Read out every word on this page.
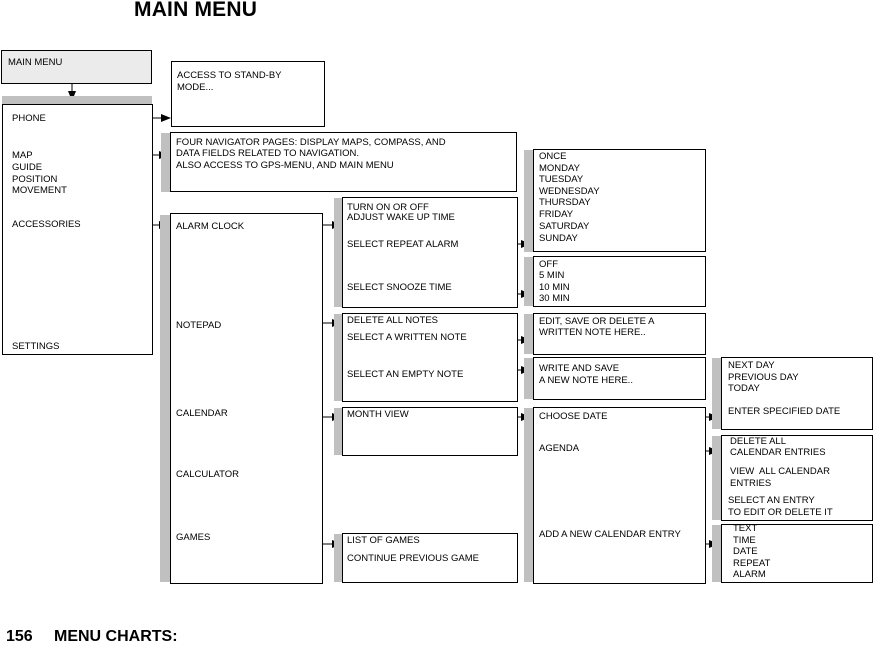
MAIN MENU
MAIN MENU
PHONE
MAP
GUIDE
POSITION
MOVEMENT
ACCESSORIES
SETTINGS
ACCESS TO STAND-BY
MODE...
FOUR NAVIGATOR PAGES: DISPLAY MAPS, COMPASS, AND
DATA FIELDS RELATED TO NAVIGATION.
ALSO ACCESS TO GPS-MENU, AND MAIN MENU
ALARM CLOCK
NOTEPAD
CALENDAR
CALCULATOR
GAMES
TURN ON OR OFF
ADJUST WAKE UP TIME
SELECT REPEAT ALARM
SELECT SNOOZE TIME
ONCE
MONDAY
TUESDAY
WEDNESDAY
THURSDAY
FRIDAY
SATURDAY
SUNDAY
OFF
5 MIN
10 MIN
30 MIN
DELETE ALL NOTES
SELECT A WRITTEN NOTE
SELECT AN EMPTY NOTE
EDIT, SAVE OR DELETE A
WRITTEN NOTE HERE..
WRITE AND SAVE
A NEW NOTE HERE..
MONTH VIEW	CHOOSE DATE
AGENDA
ADD A NEW CALENDAR ENTRY
NEXT DAY
PREVIOUS DAY
TODAY
ENTER SPECIFIED DATE
DELETE ALL
CALENDAR ENTRIES
VIEW  ALL CALENDAR
ENTRIES
SELECT AN ENTRY
TO EDIT OR DELETE IT
TEXT
TIME
DATE
REPEAT
ALARM
LIST OF GAMES
CONTINUE PREVIOUS GAME
156 MENU CHARTS:
